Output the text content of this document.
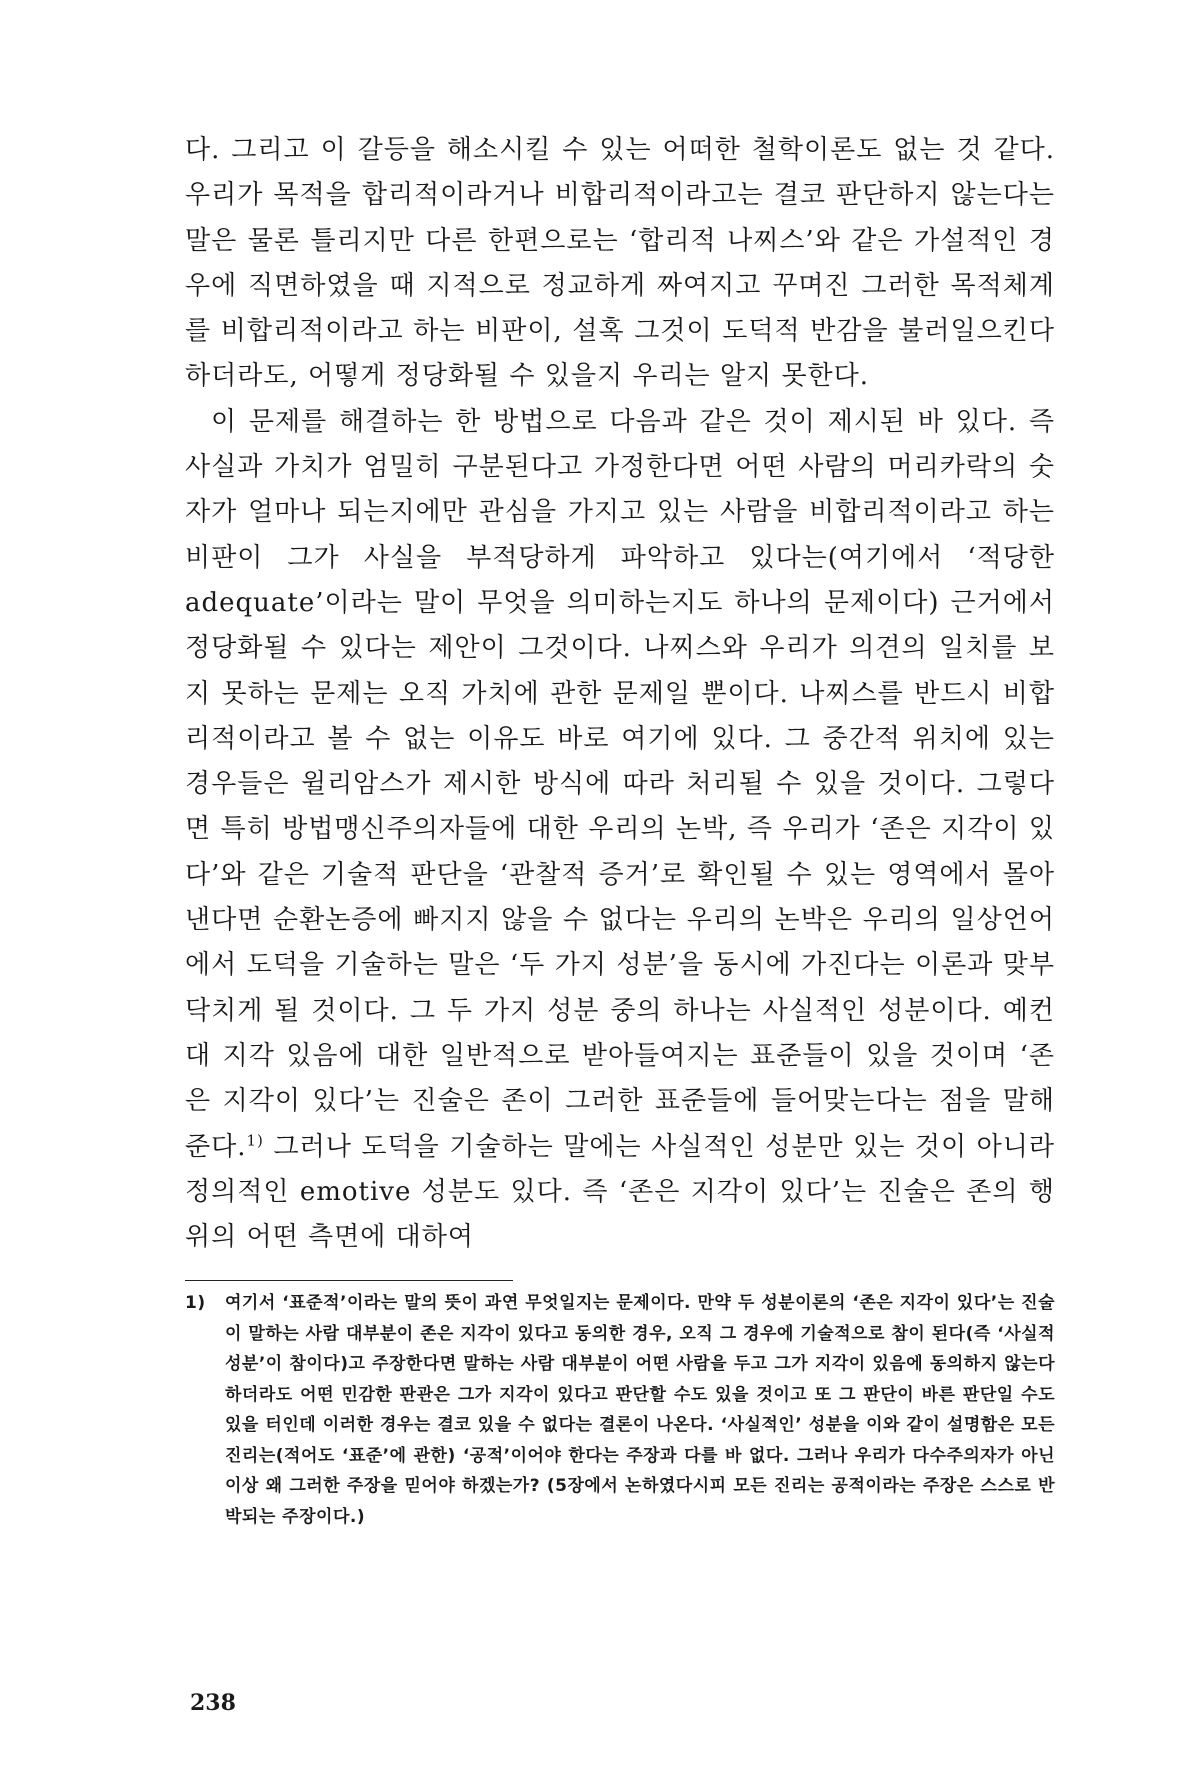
다. 그리고 이 갈등을 해소시킬 수 있는 어떠한 철학이론도 없는 것 같다. 우리가 목적을 합리적이라거나 비합리적이라고는 결코 판단하지 않는다는 말은 물론 틀리지만 다른 한편으로는 ‘합리적 나찌스’와 같은 가설적인 경우에 직면하였을 때 지적으로 정교하게 짜여지고 꾸며진 그러한 목적체계를 비합리적이라고 하는 비판이, 설혹 그것이 도덕적 반감을 불러일으킨다 하더라도, 어떻게 정당화될 수 있을지 우리는 알지 못한다.

이 문제를 해결하는 한 방법으로 다음과 같은 것이 제시된 바 있다. 즉 사실과 가치가 엄밀히 구분된다고 가정한다면 어떤 사람의 머리카락의 숫자가 얼마나 되는지에만 관심을 가지고 있는 사람을 비합리적이라고 하는 비판이 그가 사실을 부적당하게 파악하고 있다는(여기에서 ‘적당한 adequate’이라는 말이 무엇을 의미하는지도 하나의 문제이다) 근거에서 정당화될 수 있다는 제안이 그것이다. 나찌스와 우리가 의견의 일치를 보지 못하는 문제는 오직 가치에 관한 문제일 뿐이다. 나찌스를 반드시 비합리적이라고 볼 수 없는 이유도 바로 여기에 있다. 그 중간적 위치에 있는 경우들은 윌리암스가 제시한 방식에 따라 처리될 수 있을 것이다. 그렇다면 특히 방법맹신주의자들에 대한 우리의 논박, 즉 우리가 ‘존은 지각이 있다’와 같은 기술적 판단을 ‘관찰적 증거’로 확인될 수 있는 영역에서 몰아낸다면 순환논증에 빠지지 않을 수 없다는 우리의 논박은 우리의 일상언어에서 도덕을 기술하는 말은 ‘두 가지 성분’을 동시에 가진다는 이론과 맞부닥치게 될 것이다. 그 두 가지 성분 중의 하나는 사실적인 성분이다. 예컨대 지각 있음에 대한 일반적으로 받아들여지는 표준들이 있을 것이며 ‘존은 지각이 있다’는 진술은 존이 그러한 표준들에 들어맞는다는 점을 말해 준다.$^{1)}$ 그러나 도덕을 기술하는 말에는 사실적인 성분만 있는 것이 아니라 정의적인 emotive 성분도 있다. 즉 ‘존은 지각이 있다’는 진술은 존의 행위의 어떤 측면에 대하여

1) 여기서 ‘표준적’이라는 말의 뜻이 과연 무엇일지는 문제이다. 만약 두 성분이론의 ‘존은 지각이 있다’는 진술이 말하는 사람 대부분이 존은 지각이 있다고 동의한 경우, 오직 그 경우에 기술적으로 참이 된다(즉 ‘사실적 성분’이 참이다)고 주장한다면 말하는 사람 대부분이 어떤 사람을 두고 그가 지각이 있음에 동의하지 않는다 하더라도 어떤 민감한 판관은 그가 지각이 있다고 판단할 수도 있을 것이고 또 그 판단이 바른 판단일 수도 있을 터인데 이러한 경우는 결코 있을 수 없다는 결론이 나온다. ‘사실적인’ 성분을 이와 같이 설명함은 모든 진리는(적어도 ‘표준’에 관한) ‘공적’이어야 한다는 주장과 다를 바 없다. 그러나 우리가 다수주의자가 아닌 이상 왜 그러한 주장을 믿어야 하겠는가? (5장에서 논하였다시피 모든 진리는 공적이라는 주장은 스스로 반박되는 주장이다.)

238
